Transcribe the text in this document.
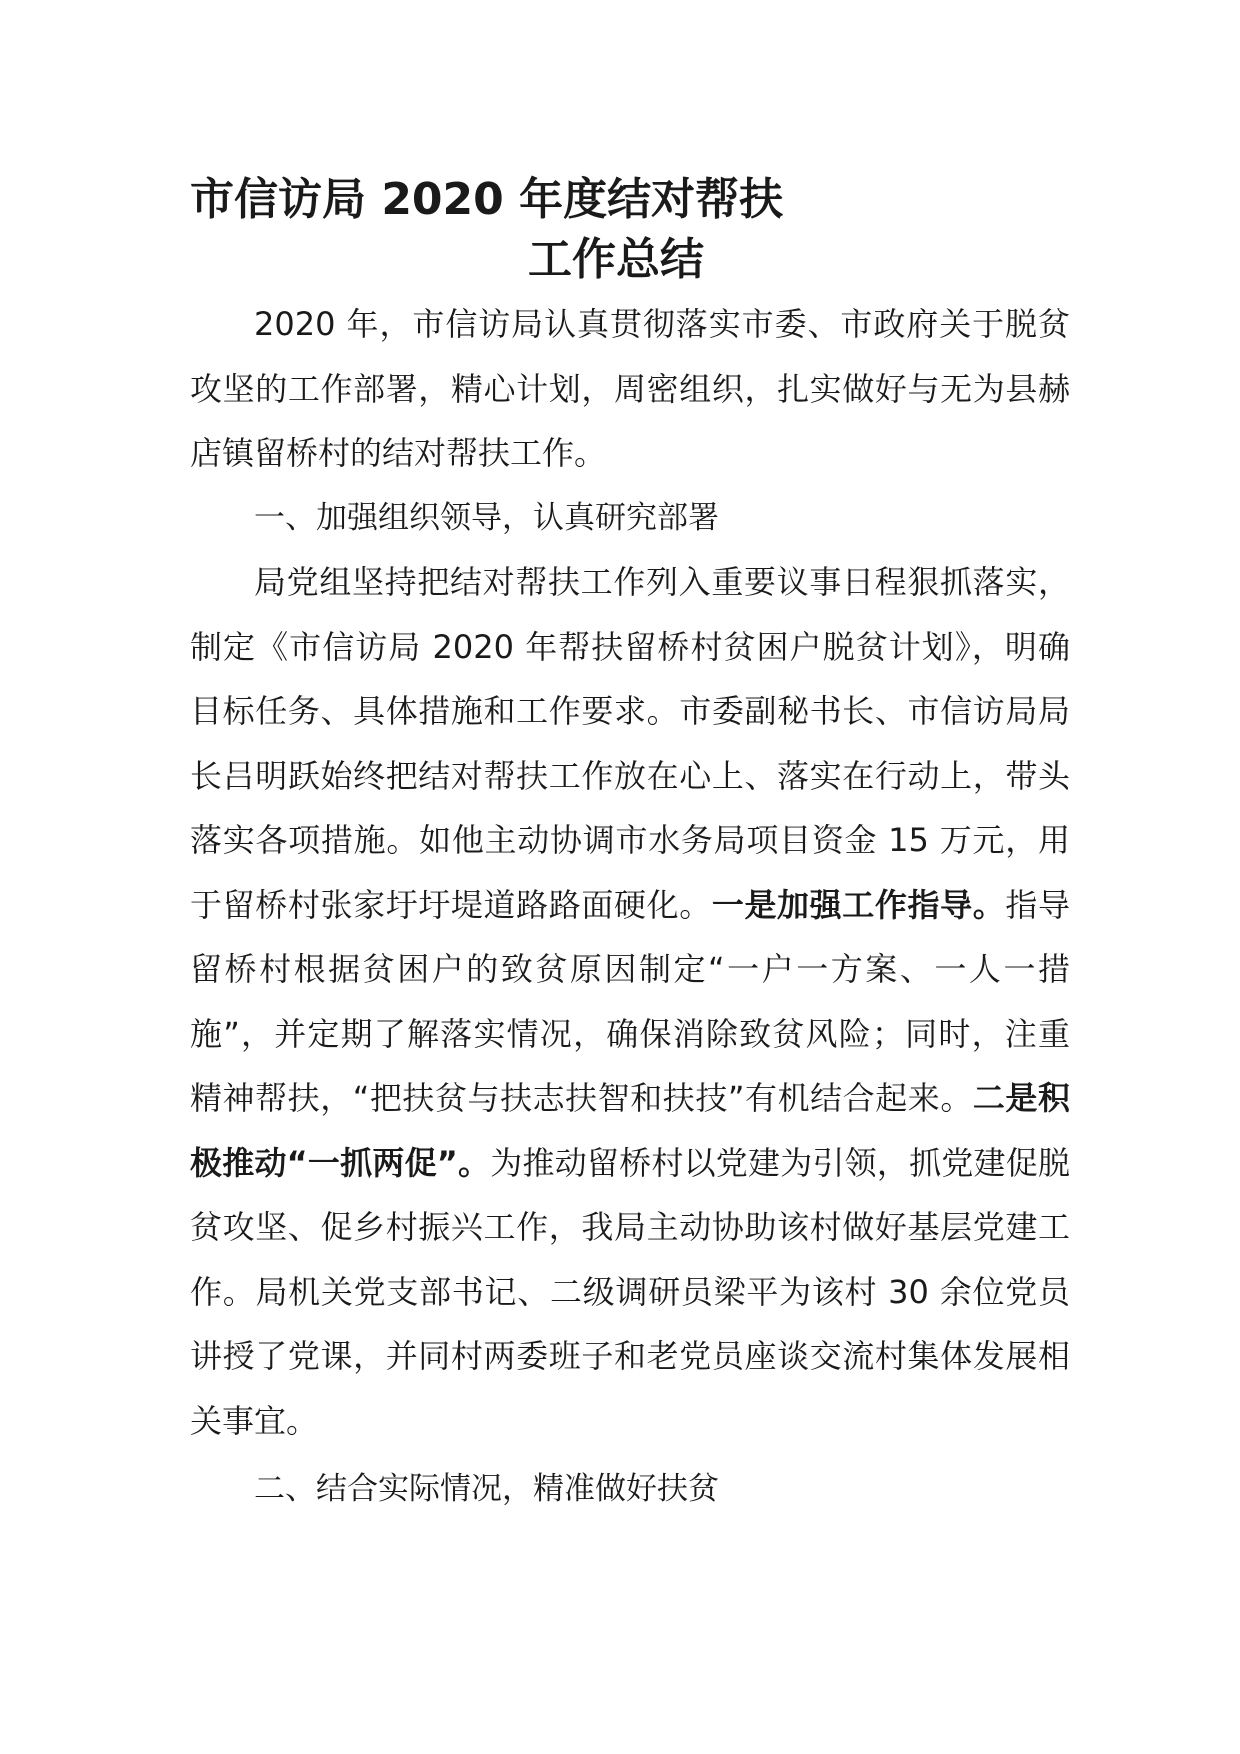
市信访局 2020 年度结对帮扶

工作总结

2020 年，市信访局认真贯彻落实市委、市政府关于脱贫攻坚的工作部署，精心计划，周密组织，扎实做好与无为县赫店镇留桥村的结对帮扶工作。

一、加强组织领导，认真研究部署

局党组坚持把结对帮扶工作列入重要议事日程狠抓落实，制定《市信访局 2020 年帮扶留桥村贫困户脱贫计划》，明确目标任务、具体措施和工作要求。市委副秘书长、市信访局局长吕明跃始终把结对帮扶工作放在心上、落实在行动上，带头落实各项措施。如他主动协调市水务局项目资金 15 万元，用于留桥村张家圩圩堤道路路面硬化。一是加强工作指导。指导留桥村根据贫困户的致贫原因制定“一户一方案、一人一措施”，并定期了解落实情况，确保消除致贫风险；同时，注重精神帮扶，“把扶贫与扶志扶智和扶技”有机结合起来。二是积极推动“一抓两促”。为推动留桥村以党建为引领，抓党建促脱贫攻坚、促乡村振兴工作，我局主动协助该村做好基层党建工作。局机关党支部书记、二级调研员梁平为该村 30 余位党员讲授了党课，并同村两委班子和老党员座谈交流村集体发展相关事宜。

二、结合实际情况，精准做好扶贫
